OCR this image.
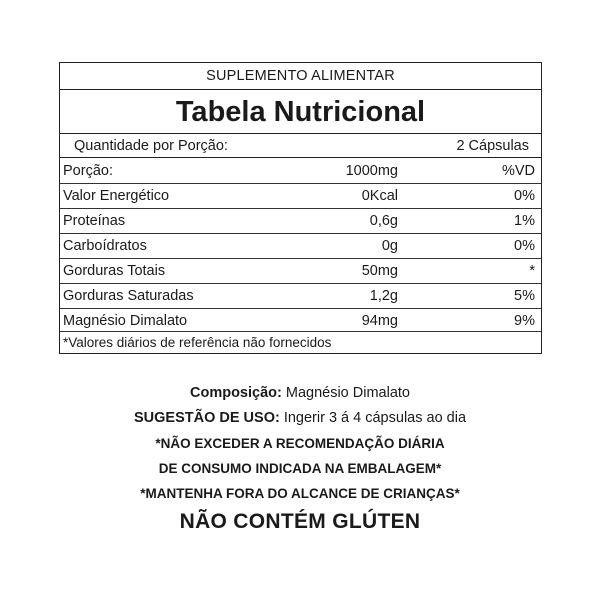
SUPLEMENTO ALIMENTAR
Tabela Nutricional
Quantidade por Porção:	2 Cápsulas
Porção:	1000mg	%VD
Valor Energético	0Kcal	0%
Proteínas	0,6g	1%
Carboídratos	0g	0%
Gorduras Totais	50mg	*
Gorduras Saturadas	1,2g	5%
Magnésio Dimalato	94mg	9%
*Valores diários de referência não fornecidos
Composição: Magnésio Dimalato
SUGESTÃO DE USO: Ingerir 3 á 4 cápsulas ao dia
*NÃO EXCEDER A RECOMENDAÇÃO DIÁRIA
DE CONSUMO INDICADA NA EMBALAGEM*
*MANTENHA FORA DO ALCANCE DE CRIANÇAS*
NÃO CONTÉM GLÚTEN
